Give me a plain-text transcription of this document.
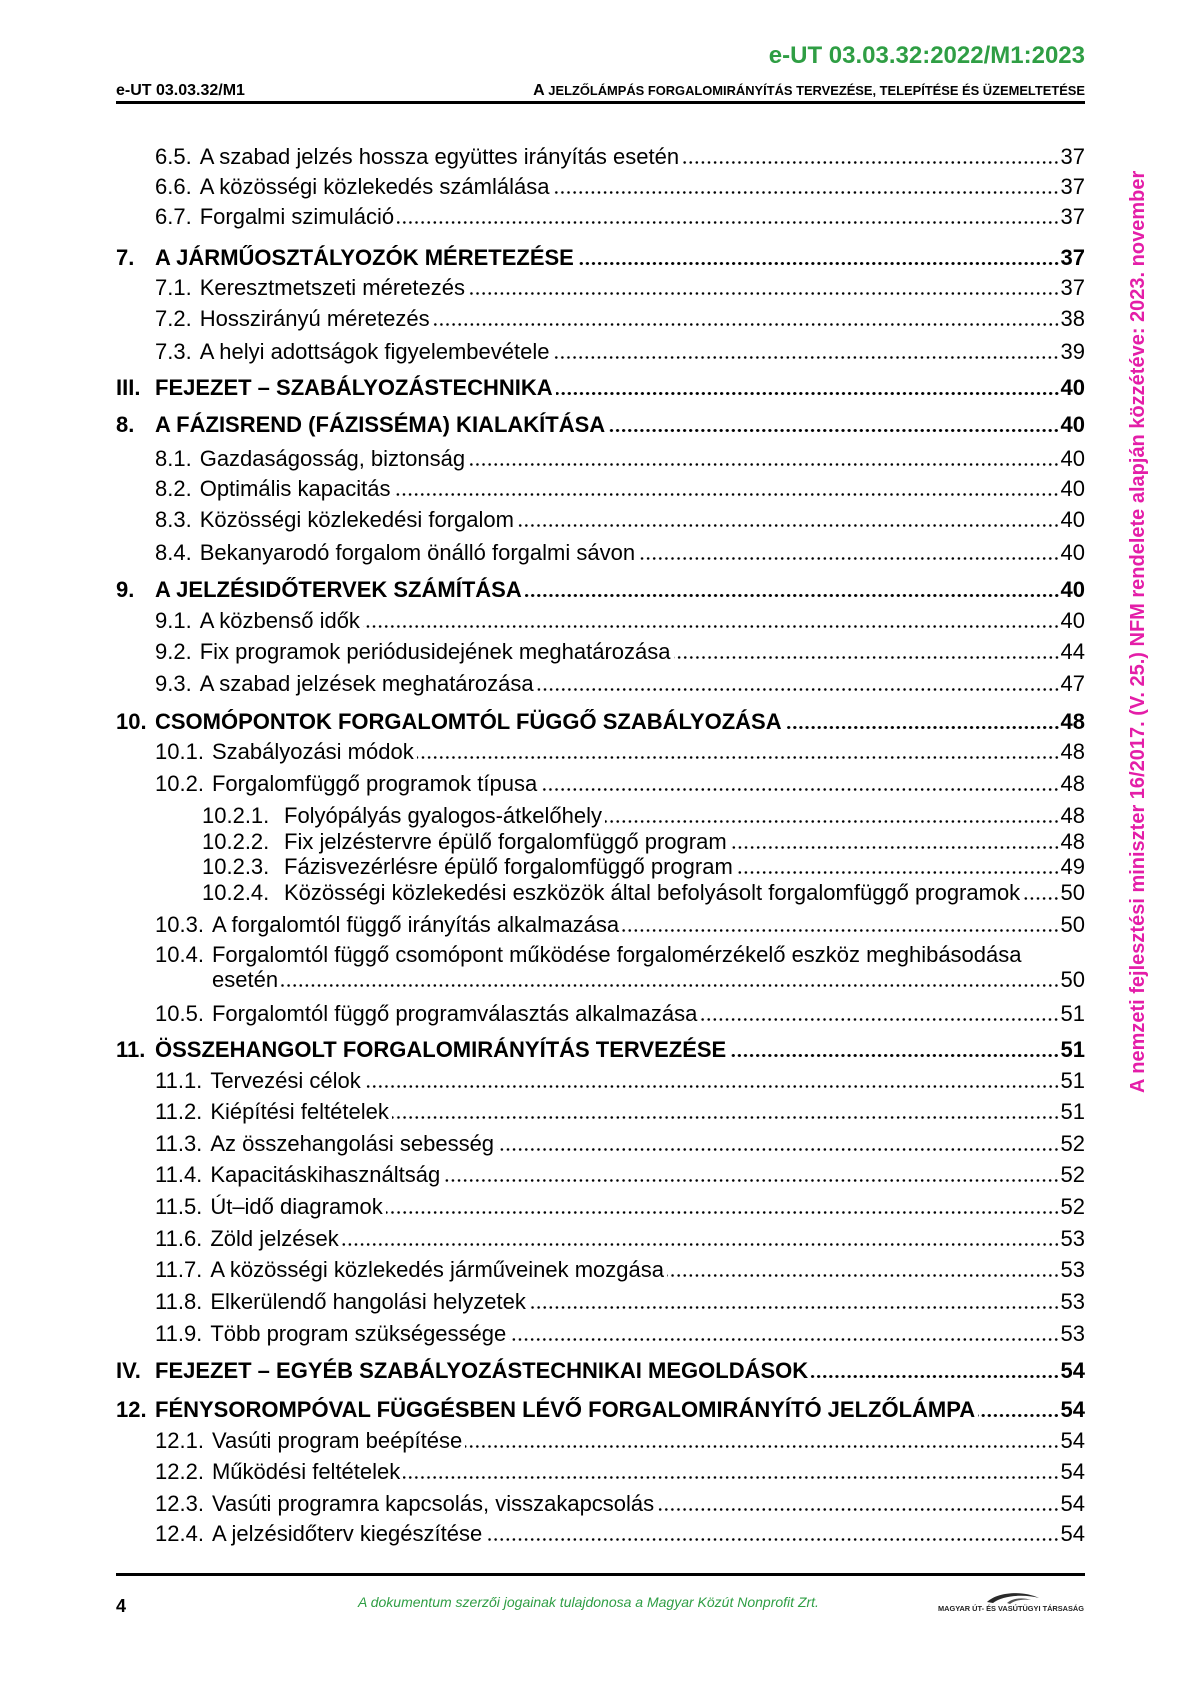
e-UT 03.03.32:2022/M1:2023
e-UT 03.03.32/M1	A JELZŐLÁMPÁS FORGALOMIRÁNYÍTÁS TERVEZÉSE, TELEPÍTÉSE ÉS ÜZEMELTETÉSE
6.5. A szabad jelzés hossza együttes irányítás esetén	37
6.6. A közösségi közlekedés számlálása	37
6.7. Forgalmi szimuláció	37
7. A JÁRMŰOSZTÁLYOZÓK MÉRETEZÉSE	37
7.1. Keresztmetszeti méretezés	37
7.2. Hosszirányú méretezés	38
7.3. A helyi adottságok figyelembevétele	39
III. FEJEZET – SZABÁLYOZÁSTECHNIKA	40
8. A FÁZISREND (FÁZISSÉMA) KIALAKÍTÁSA	40
8.1. Gazdaságosság, biztonság	40
8.2. Optimális kapacitás	40
8.3. Közösségi közlekedési forgalom	40
8.4. Bekanyarodó forgalom önálló forgalmi sávon	40
9. A JELZÉSIDŐTERVEK SZÁMÍTÁSA	40
9.1. A közbenső idők	40
9.2. Fix programok periódusidejének meghatározása	44
9.3. A szabad jelzések meghatározása	47
10. CSOMÓPONTOK FORGALOMTÓL FÜGGŐ SZABÁLYOZÁSA	48
10.1. Szabályozási módok	48
10.2. Forgalomfüggő programok típusa	48
10.2.1. Folyópályás gyalogos-átkelőhely	48
10.2.2. Fix jelzéstervre épülő forgalomfüggő program	48
10.2.3. Fázisvezérlésre épülő forgalomfüggő program	49
10.2.4. Közösségi közlekedési eszközök által befolyásolt forgalomfüggő programok 50
10.3. A forgalomtól függő irányítás alkalmazása	50
10.4. Forgalomtól függő csomópont működése forgalomérzékelő eszköz meghibásodása
esetén	50
10.5. Forgalomtól függő programválasztás alkalmazása	51
11. ÖSSZEHANGOLT FORGALOMIRÁNYÍTÁS TERVEZÉSE	51
11.1. Tervezési célok	51
11.2. Kiépítési feltételek	51
11.3. Az összehangolási sebesség	52
11.4. Kapacitáskihasználtság	52
11.5. Út–idő diagramok	52
11.6. Zöld jelzések	53
11.7. A közösségi közlekedés járműveinek mozgása	53
11.8. Elkerülendő hangolási helyzetek	53
11.9. Több program szükségessége	53
IV. FEJEZET – EGYÉB SZABÁLYOZÁSTECHNIKAI MEGOLDÁSOK	54
12. FÉNYSOROMPÓVAL FÜGGÉSBEN LÉVŐ FORGALOMIRÁNYÍTÓ JELZŐLÁMPA	54
12.1. Vasúti program beépítése	54
12.2. Működési feltételek	54
12.3. Vasúti programra kapcsolás, visszakapcsolás	54
12.4. A jelzésidőterv kiegészítése	54
A nemzeti fejlesztési miniszter 16/2017. (V. 25.) NFM rendelete alapján közzétéve: 2023. november
4	A dokumentum szerzői jogainak tulajdonosa a Magyar Közút Nonprofit Zrt.	MAGYAR ÚT- ÉS VASÚTÜGYI TÁRSASÁG
